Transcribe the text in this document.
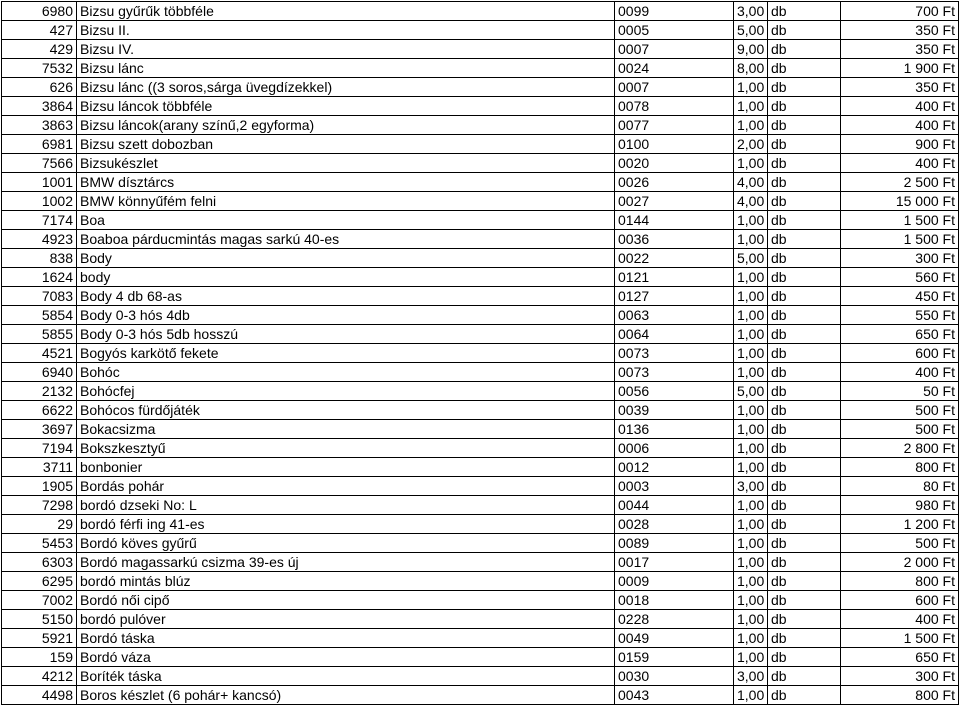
6980	Bizsu gyűrűk többféle	0099	3,00	db	700 Ft
427	Bizsu II.	0005	5,00	db	350 Ft
429	Bizsu IV.	0007	9,00	db	350 Ft
7532	Bizsu lánc	0024	8,00	db	1 900 Ft
626	Bizsu lánc ((3 soros,sárga üvegdízekkel)	0007	1,00	db	350 Ft
3864	Bizsu láncok többféle	0078	1,00	db	400 Ft
3863	Bizsu láncok(arany színű,2 egyforma)	0077	1,00	db	400 Ft
6981	Bizsu szett dobozban	0100	2,00	db	900 Ft
7566	Bizsukészlet	0020	1,00	db	400 Ft
1001	BMW dísztárcs	0026	4,00	db	2 500 Ft
1002	BMW könnyűfém felni	0027	4,00	db	15 000 Ft
7174	Boa	0144	1,00	db	1 500 Ft
4923	Boaboa párducmintás magas sarkú 40-es	0036	1,00	db	1 500 Ft
838	Body	0022	5,00	db	300 Ft
1624	body	0121	1,00	db	560 Ft
7083	Body 4 db 68-as	0127	1,00	db	450 Ft
5854	Body 0-3 hós 4db	0063	1,00	db	550 Ft
5855	Body 0-3 hós 5db hosszú	0064	1,00	db	650 Ft
4521	Bogyós karkötő fekete	0073	1,00	db	600 Ft
6940	Bohóc	0073	1,00	db	400 Ft
2132	Bohócfej	0056	5,00	db	50 Ft
6622	Bohócos fürdőjáték	0039	1,00	db	500 Ft
3697	Bokacsizma	0136	1,00	db	500 Ft
7194	Bokszkesztyű	0006	1,00	db	2 800 Ft
3711	bonbonier	0012	1,00	db	800 Ft
1905	Bordás pohár	0003	3,00	db	80 Ft
7298	bordó dzseki No: L	0044	1,00	db	980 Ft
29	bordó férfi ing 41-es	0028	1,00	db	1 200 Ft
5453	Bordó köves gyűrű	0089	1,00	db	500 Ft
6303	Bordó magassarkú csizma 39-es új	0017	1,00	db	2 000 Ft
6295	bordó mintás blúz	0009	1,00	db	800 Ft
7002	Bordó női cipő	0018	1,00	db	600 Ft
5150	bordó pulóver	0228	1,00	db	400 Ft
5921	Bordó táska	0049	1,00	db	1 500 Ft
159	Bordó váza	0159	1,00	db	650 Ft
4212	Boríték táska	0030	3,00	db	300 Ft
4498	Boros készlet (6 pohár+ kancsó)	0043	1,00	db	800 Ft
